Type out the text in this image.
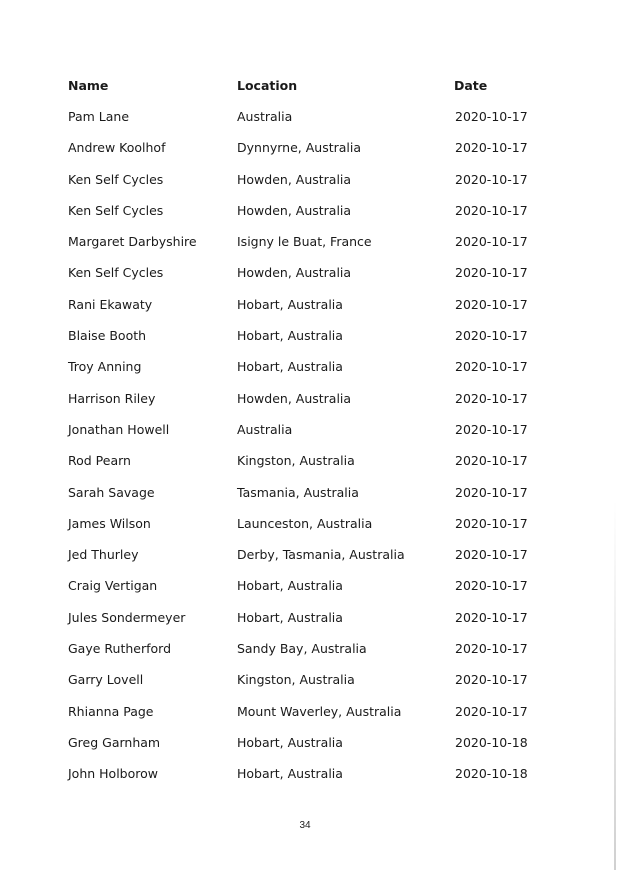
Name	Location	Date
Pam Lane	Australia	2020-10-17
Andrew Koolhof	Dynnyrne, Australia	2020-10-17
Ken Self Cycles	Howden, Australia	2020-10-17
Ken Self Cycles	Howden, Australia	2020-10-17
Margaret Darbyshire	Isigny le Buat, France	2020-10-17
Ken Self Cycles	Howden, Australia	2020-10-17
Rani Ekawaty	Hobart, Australia	2020-10-17
Blaise Booth	Hobart, Australia	2020-10-17
Troy Anning	Hobart, Australia	2020-10-17
Harrison Riley	Howden, Australia	2020-10-17
Jonathan Howell	Australia	2020-10-17
Rod Pearn	Kingston, Australia	2020-10-17
Sarah Savage	Tasmania, Australia	2020-10-17
James Wilson	Launceston, Australia	2020-10-17
Jed Thurley	Derby, Tasmania, Australia	2020-10-17
Craig Vertigan	Hobart, Australia	2020-10-17
Jules Sondermeyer	Hobart, Australia	2020-10-17
Gaye Rutherford	Sandy Bay, Australia	2020-10-17
Garry Lovell	Kingston, Australia	2020-10-17
Rhianna Page	Mount Waverley, Australia	2020-10-17
Greg Garnham	Hobart, Australia	2020-10-18
John Holborow	Hobart, Australia	2020-10-18
34
